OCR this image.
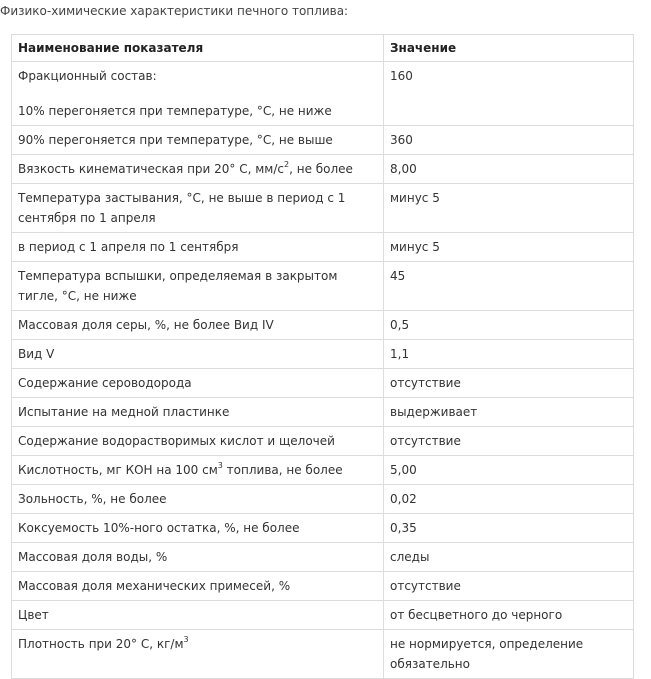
Физико-химические характеристики печного топлива:
Наименование показателя	Значение
Фракционный состав:
10% перегоняется при температуре, °С, не ниже	160
90% перегоняется при температуре, °С, не выше	360
Вязкость кинематическая при 20° С, $мм/с^2$, не более	8,00
Температура застывания, °С, не выше в период с 1 сентября по 1 апреля	минус 5
в период с 1 апреля по 1 сентября	минус 5
Температура вспышки, определяемая в закрытом тигле, °С, не ниже	45
Массовая доля серы, %, не более Вид IV	0,5
Вид V	1,1
Содержание сероводорода	отсутствие
Испытание на медной пластинке	выдерживает
Содержание водорастворимых кислот и щелочей	отсутствие
Кислотность, мг КОН на 100 $см^3$ топлива, не более	5,00
Зольность, %, не более	0,02
Коксуемость 10%-ного остатка, %, не более	0,35
Массовая доля воды, %	следы
Массовая доля механических примесей, %	отсутствие
Цвет	от бесцветного до черного
Плотность при 20° С, $кг/м^3$	не нормируется, определение обязательно
